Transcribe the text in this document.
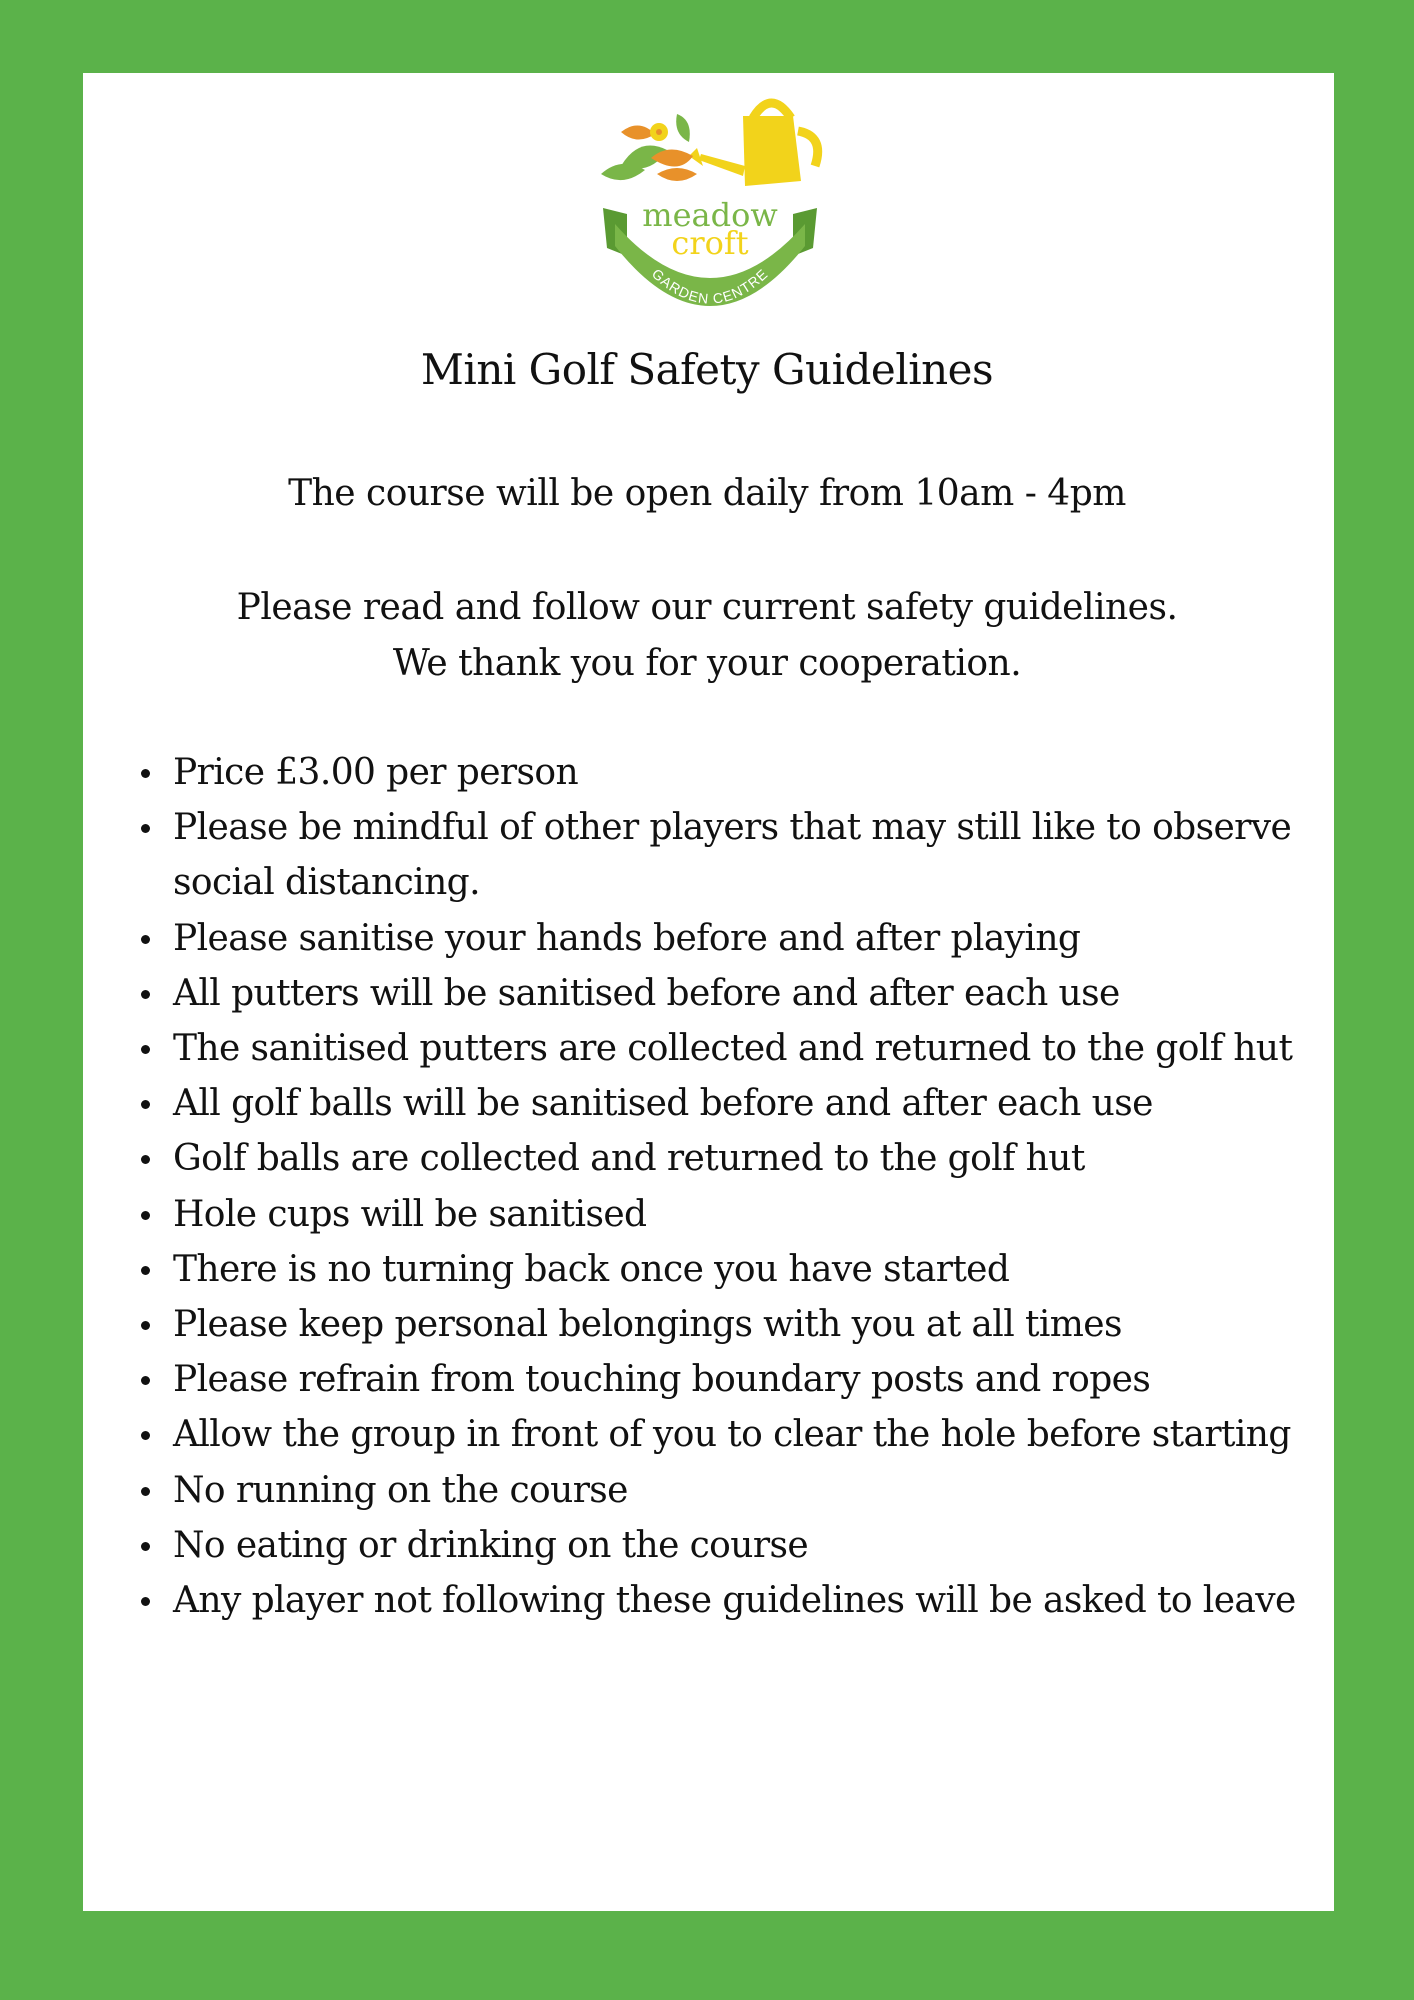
GARDEN CENTRE
meadow
croft
Mini Golf Safety Guidelines

The course will be open daily from 10am - 4pm

Please read and follow our current safety guidelines.
We thank you for your cooperation.
Price £3.00 per person
Please be mindful of other players that may still like to observe social distancing.
Please sanitise your hands before and after playing
All putters will be sanitised before and after each use
The sanitised putters are collected and returned to the golf hut
All golf balls will be sanitised before and after each use
Golf balls are collected and returned to the golf hut
Hole cups will be sanitised
There is no turning back once you have started
Please keep personal belongings with you at all times
Please refrain from touching boundary posts and ropes
Allow the group in front of you to clear the hole before starting
No running on the course
No eating or drinking on the course
Any player not following these guidelines will be asked to leave
